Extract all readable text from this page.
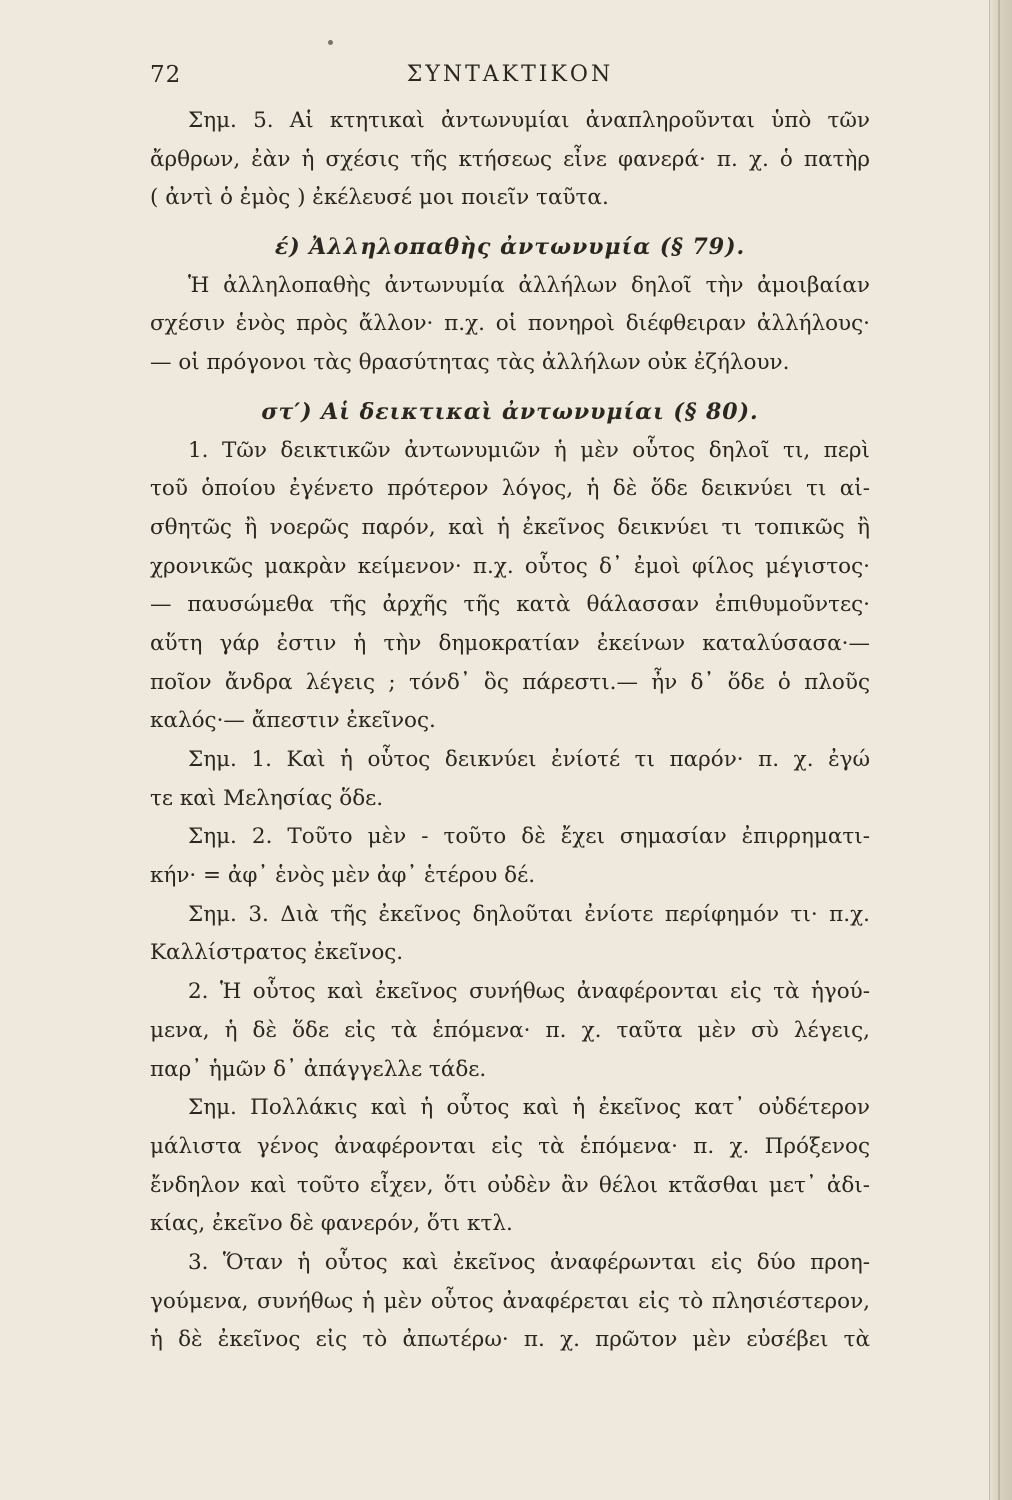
72	ΣΥΝΤΑΚΤΙΚΟΝ
Σημ. 5. Αἱ κτητικαὶ ἀντωνυμίαι ἀναπληροῦνται ὑπὸ τῶν
ἄρθρων, ἐὰν ἡ σχέσις τῆς κτήσεως εἶνε φανερά· π. χ. ὁ πατὴρ
( ἀντὶ ὁ ἐμὸς ) ἐκέλευσέ μοι ποιεῖν ταῦτα.
έ) Ἀλληλοπαθὴς ἀντωνυμία (§ 79).
Ἡ ἀλληλοπαθὴς ἀντωνυμία ἀλλήλων δηλοῖ τὴν ἀμοιβαίαν
σχέσιν ἑνὸς πρὸς ἄλλον· π.χ. οἱ πονηροὶ διέφθειραν ἀλλήλους·
— οἱ πρόγονοι τὰς θρασύτητας τὰς ἀλλήλων οὐκ ἐζήλουν.
στ′) Αἱ δεικτικαὶ ἀντωνυμίαι (§ 80).
1. Τῶν δεικτικῶν ἀντωνυμιῶν ἡ μὲν οὗτος δηλοῖ τι, περὶ
τοῦ ὁποίου ἐγένετο πρότερον λόγος, ἡ δὲ ὅδε δεικνύει τι αἰ-
σθητῶς ἢ νοερῶς παρόν, καὶ ἡ ἐκεῖνος δεικνύει τι τοπικῶς ἢ
χρονικῶς μακρὰν κείμενον· π.χ. οὗτος δ᾿ ἐμοὶ φίλος μέγιστος·
— παυσώμεθα τῆς ἀρχῆς τῆς κατὰ θάλασσαν ἐπιθυμοῦντες·
αὕτη γάρ ἐστιν ἡ τὴν δημοκρατίαν ἐκείνων καταλύσασα·—
ποῖον ἄνδρα λέγεις ; τόνδ᾿ ὃς πάρεστι.— ἦν δ᾿ ὅδε ὁ πλοῦς
καλός·— ἄπεστιν ἐκεῖνος.
Σημ. 1. Καὶ ἡ οὗτος δεικνύει ἐνίοτέ τι παρόν· π. χ. ἐγώ
τε καὶ Μελησίας ὅδε.
Σημ. 2. Τοῦτο μὲν - τοῦτο δὲ ἔχει σημασίαν ἐπιρρηματι-
κήν· = ἀφ᾿ ἑνὸς μὲν ἀφ᾿ ἑτέρου δέ.
Σημ. 3. Διὰ τῆς ἐκεῖνος δηλοῦται ἐνίοτε περίφημόν τι· π.χ.
Καλλίστρατος ἐκεῖνος.
2. Ἡ οὗτος καὶ ἐκεῖνος συνήθως ἀναφέρονται εἰς τὰ ἡγού-
μενα, ἡ δὲ ὅδε εἰς τὰ ἑπόμενα· π. χ. ταῦτα μὲν σὺ λέγεις,
παρ᾿ ἡμῶν δ᾿ ἀπάγγελλε τάδε.
Σημ. Πολλάκις καὶ ἡ οὗτος καὶ ἡ ἐκεῖνος κατ᾿ οὐδέτερον
μάλιστα γένος ἀναφέρονται εἰς τὰ ἑπόμενα· π. χ. Πρόξενος
ἔνδηλον καὶ τοῦτο εἶχεν, ὅτι οὐδὲν ἂν θέλοι κτᾶσθαι μετ᾿ ἀδι-
κίας, ἐκεῖνο δὲ φανερόν, ὅτι κτλ.
3. Ὅταν ἡ οὗτος καὶ ἐκεῖνος ἀναφέρωνται εἰς δύο προη-
γούμενα, συνήθως ἡ μὲν οὗτος ἀναφέρεται εἰς τὸ πλησιέστερον,
ἡ δὲ ἐκεῖνος εἰς τὸ ἀπωτέρω· π. χ. πρῶτον μὲν εὐσέβει τὰ
